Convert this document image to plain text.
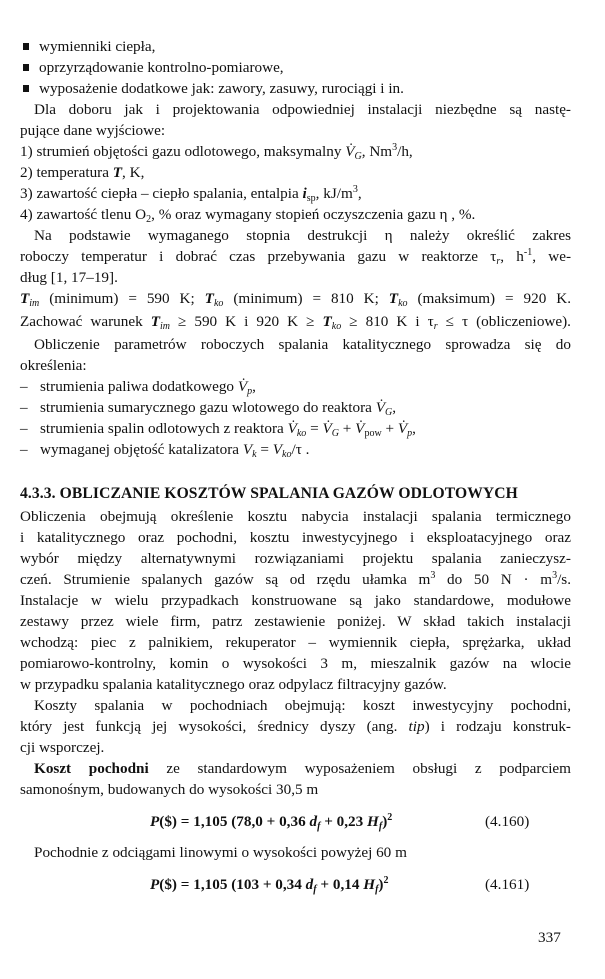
wymienniki ciepła,
oprzyrządowanie kontrolno-pomiarowe,
wyposażenie dodatkowe jak: zawory, zasuwy, rurociągi i in.
Dla doboru jak i projektowania odpowiedniej instalacji niezbędne są nastę-
pujące dane wyjściowe:
1) strumień objętości gazu odlotowego, maksymalny V̇G, Nm$^3$/h,
2) temperatura T, K,
3) zawartość ciepła – ciepło spalania, entalpia $i_{sp}$, $kJ/m^3$,
4) zawartość tlenu $O_2$, % oraz wymagany stopień oczyszczenia gazu η , %.
Na podstawie wymaganego stopnia destrukcji η należy określić zakres
roboczy temperatur i dobrać czas przebywania gazu w reaktorze τr, $h^{-1}$, we-
dług [1, 17–19].
Tim (minimum) = 590 K; Tko (minimum) = 810 K; Tko (maksimum) = 920 K.
Zachować warunek Tim ≥ 590 K i 920 K ≥ Tko ≥ 810 K i τr ≤ τ (obliczeniowe).
Obliczenie parametrów roboczych spalania katalitycznego sprowadza się do
określenia:
– strumienia paliwa dodatkowego V̇p,
– strumienia sumarycznego gazu wlotowego do reaktora V̇G,
– strumienia spalin odlotowych z reaktora V̇ko = V̇G + $V̇_{pow}$ + V̇p,
– wymaganej objętość katalizatora Vk = Vko/τ .
4.3.3. OBLICZANIE KOSZTÓW SPALANIA GAZÓW ODLOTOWYCH
Obliczenia obejmują określenie kosztu nabycia instalacji spalania termicznego
i katalitycznego oraz pochodni, kosztu inwestycyjnego i eksploatacyjnego oraz
wybór między alternatywnymi rozwiązaniami projektu spalania zanieczysz-
czeń. Strumienie spalanych gazów są od rzędu ułamka $m^3$ do 50 $N \cdot m^3/s$.
Instalacje w wielu przypadkach konstruowane są jako standardowe, modułowe
zestawy przez wiele firm, patrz zestawienie poniżej. W skład takich instalacji
wchodzą: piec z palnikiem, rekuperator – wymiennik ciepła, sprężarka, układ
pomiarowo-kontrolny, komin o wysokości 3 m, mieszalnik gazów na wlocie
w przypadku spalania katalitycznego oraz odpylacz filtracyjny gazów.
Koszty spalania w pochodniach obejmują: koszt inwestycyjny pochodni,
który jest funkcją jej wysokości, średnicy dyszy (ang. tip) i rodzaju konstruk-
cji wsporczej.
Koszt pochodni ze standardowym wyposażeniem obsługi z podparciem
samonośnym, budowanych do wysokości 30,5 m
P($) = 1,105 (78,0 + 0,36 df + 0,23 Hf)$^2$	(4.160)
Pochodnie z odciągami linowymi o wysokości powyżej 60 m
P($) = 1,105 (103 + 0,34 df + 0,14 Hf)$^2$	(4.161)
337
